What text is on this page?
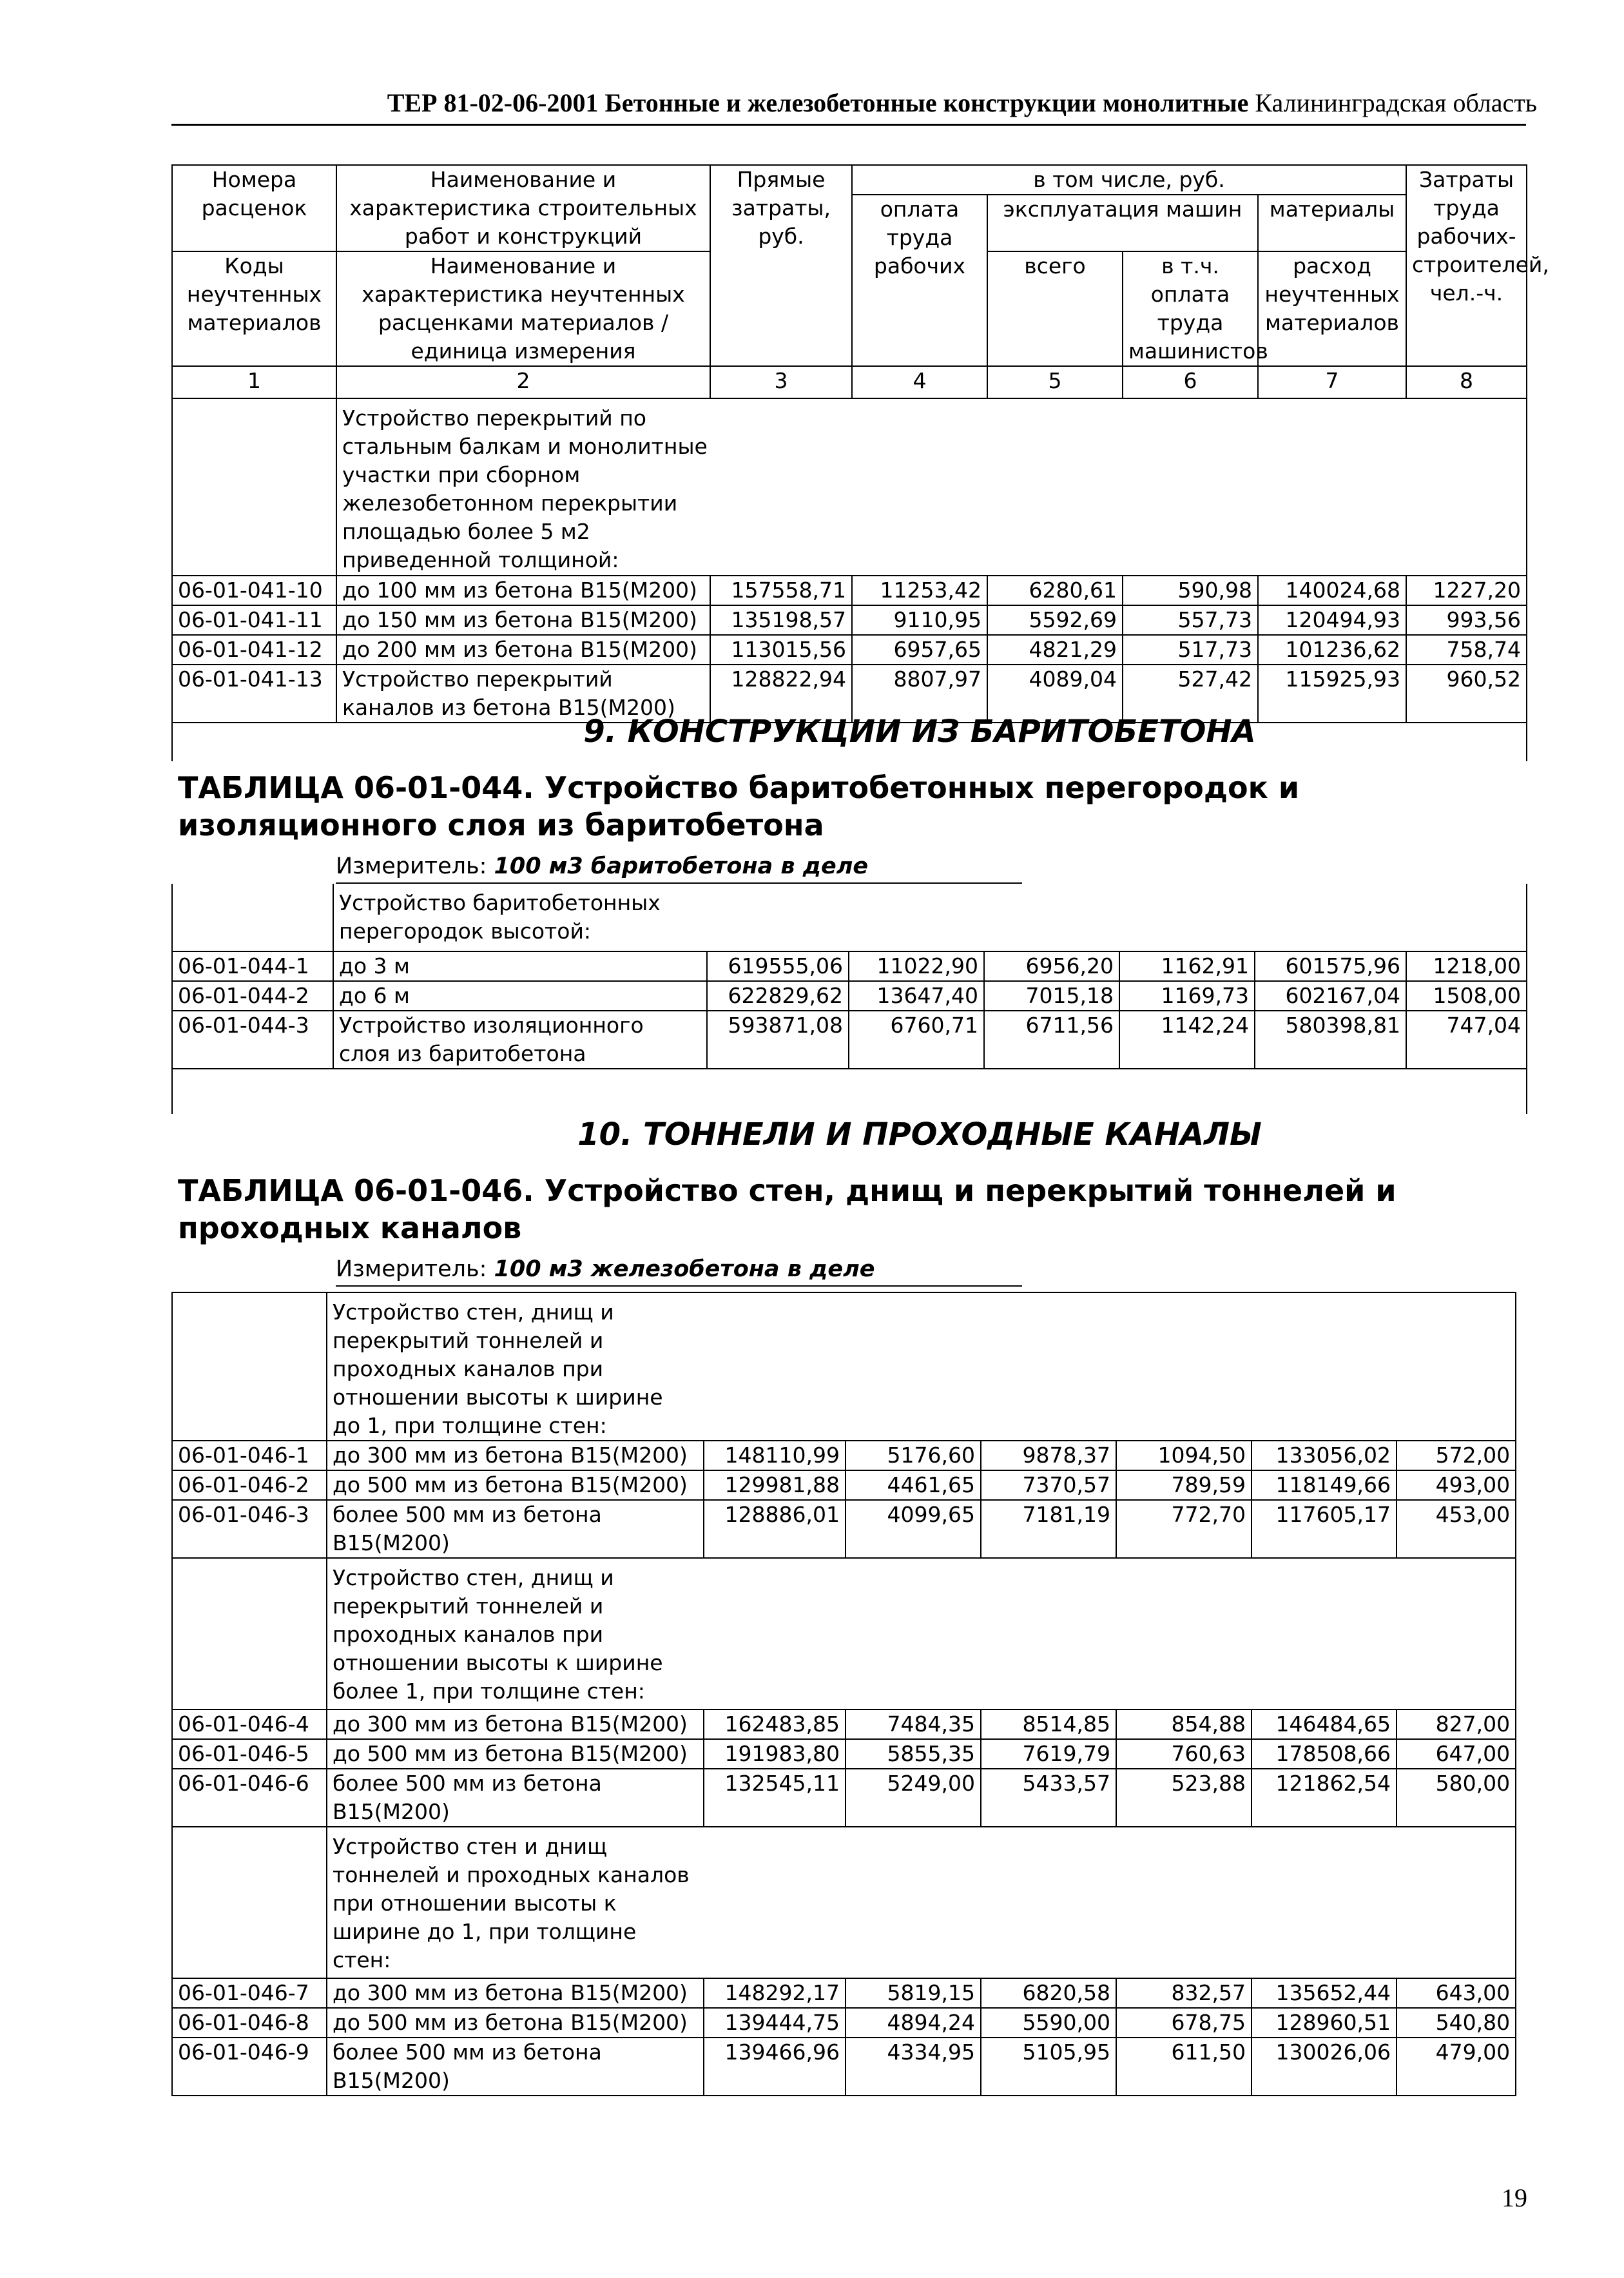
ТЕР 81-02-06-2001 Бетонные и железобетонные конструкции монолитные Калининградская область
Номера расценок	Наименование и характеристика строительных работ и конструкций	Прямые затраты, руб.	в том числе, руб.				Затраты труда рабочих-строителей, чел.-ч.
			оплата труда рабочих	эксплуатация машин		материалы	
Коды неучтенных материалов	Наименование и характеристика неучтенных расценками материалов / единица измерения			всего	в т.ч. оплата труда машинистов	расход неучтенных материалов	

1	2	3	4	5	6	7	8

	Устройство перекрытий по стальным балкам и монолитные участки при сборном железобетонном перекрытии площадью более 5 м2 приведенной толщиной:						

06-01-041-10	до 100 мм из бетона B15(M200)	157558,71	11253,42	6280,61	590,98	140024,68	1227,20
06-01-041-11	до 150 мм из бетона B15(M200)	135198,57	9110,95	5592,69	557,73	120494,93	993,56
06-01-041-12	до 200 мм из бетона B15(M200)	113015,56	6957,65	4821,29	517,73	101236,62	758,74
06-01-041-13	Устройство перекрытий каналов из бетона B15(M200)	128822,94	8807,97	4089,04	527,42	115925,93	960,52

9. КОНСТРУКЦИИ ИЗ БАРИТОБЕТОНА
ТАБЛИЦА 06-01-044. Устройство баритобетонных перегородок и изоляционного слоя из баритобетона
Измеритель: 100 м3 баритобетона в деле

	Устройство баритобетонных перегородок высотой:						

06-01-044-1	до 3 м	619555,06	11022,90	6956,20	1162,91	601575,96	1218,00
06-01-044-2	до 6 м	622829,62	13647,40	7015,18	1169,73	602167,04	1508,00
06-01-044-3	Устройство изоляционного слоя из баритобетона	593871,08	6760,71	6711,56	1142,24	580398,81	747,04

10. ТОННЕЛИ И ПРОХОДНЫЕ КАНАЛЫ
ТАБЛИЦА 06-01-046. Устройство стен, днищ и перекрытий тоннелей и проходных каналов
Измеритель: 100 м3 железобетона в деле

	Устройство стен, днищ и перекрытий тоннелей и проходных каналов при отношении высоты к ширине до 1, при толщине стен:						

06-01-046-1	до 300 мм из бетона B15(M200)	148110,99	5176,60	9878,37	1094,50	133056,02	572,00
06-01-046-2	до 500 мм из бетона B15(M200)	129981,88	4461,65	7370,57	789,59	118149,66	493,00
06-01-046-3	более 500 мм из бетона B15(M200)	128886,01	4099,65	7181,19	772,70	117605,17	453,00

	Устройство стен, днищ и перекрытий тоннелей и проходных каналов при отношении высоты к ширине более 1, при толщине стен:						

06-01-046-4	до 300 мм из бетона B15(M200)	162483,85	7484,35	8514,85	854,88	146484,65	827,00
06-01-046-5	до 500 мм из бетона B15(M200)	191983,80	5855,35	7619,79	760,63	178508,66	647,00
06-01-046-6	более 500 мм из бетона B15(M200)	132545,11	5249,00	5433,57	523,88	121862,54	580,00

	Устройство стен и днищ тоннелей и проходных каналов при отношении высоты к ширине до 1, при толщине стен:						

06-01-046-7	до 300 мм из бетона B15(M200)	148292,17	5819,15	6820,58	832,57	135652,44	643,00
06-01-046-8	до 500 мм из бетона B15(M200)	139444,75	4894,24	5590,00	678,75	128960,51	540,80
06-01-046-9	более 500 мм из бетона B15(M200)	139466,96	4334,95	5105,95	611,50	130026,06	479,00
19
